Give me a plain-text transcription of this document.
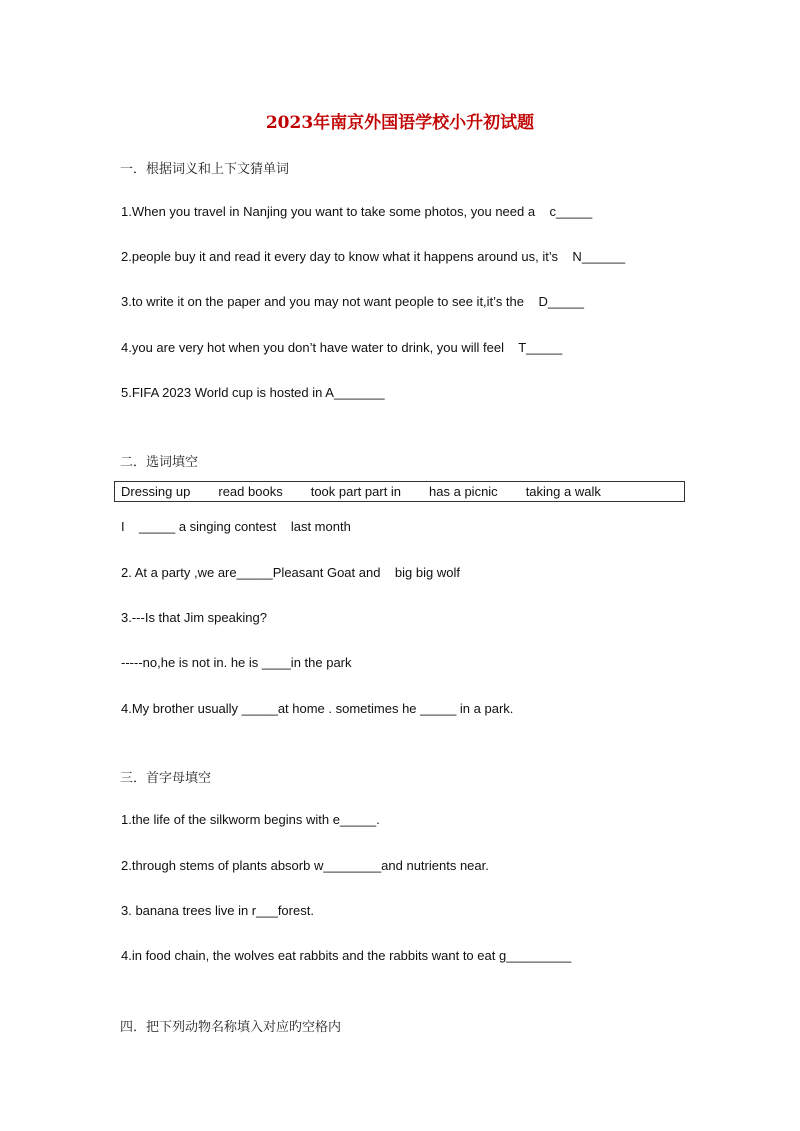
2023年南京外国语学校小升初试题
一．根据词义和上下文猜单词
1.When you travel in Nanjing you want to take some photos, you need a    c_____
2.people buy it and read it every day to know what it happens around us, it’s    N______
3.to write it on the paper and you may not want people to see it,it’s the    D_____
4.you are very hot when you don’t have water to drink, you will feel    T_____
5.FIFA 2023 World cup is hosted in A_______
二．选词填空
Dressing up read books took part part in has a picnic taking a walk
I    _____ a singing contest    last month
2. At a party ,we are_____Pleasant Goat and    big big wolf
3.---Is that Jim speaking?
-----no,he is not in. he is ____in the park
4.My brother usually _____at home . sometimes he _____ in a park.
三．首字母填空
1.the life of the silkworm begins with e_____.
2.through stems of plants absorb w________and nutrients near.
3. banana trees live in r___forest.
4.in food chain, the wolves eat rabbits and the rabbits want to eat g_________
四．把下列动物名称填入对应旳空格内
